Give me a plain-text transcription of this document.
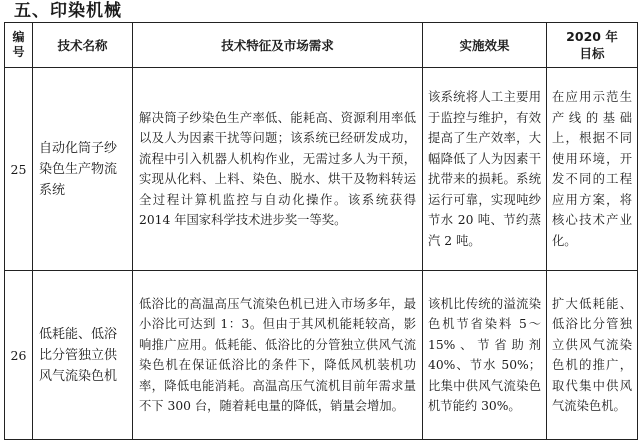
五、印染机械
编号	技术名称	技术特征及市场需求	实施效果	2020 年
目标

25	自动化筒子纱染色生产物流系统	解决筒子纱染色生产率低、能耗高、资源利用率低以及人为因素干扰等问题；该系统已经研发成功，流程中引入机器人机构作业，无需过多人为干预，实现从化料、上料、染色、脱水、烘干及物料转运全过程计算机监控与自动化操作。该系统获得 2014 年国家科学技术进步奖一等奖。	该系统将人工主要用于监控与维护，有效提高了生产效率，大幅降低了人为因素干扰带来的损耗。系统运行可靠，实现吨纱节水 20 吨、节约蒸汽 2 吨。	在应用示范生产线的基础上，根据不同使用环境，开发不同的工程应用方案，将核心技术产业化。
26	低耗能、低浴比分管独立供风气流染色机	低浴比的高温高压气流染色机已进入市场多年，最小浴比可达到 1：3。但由于其风机能耗较高，影响推广应用。低耗能、低浴比的分管独立供风气流染色机在保证低浴比的条件下，降低风机装机功率，降低电能消耗。高温高压气流机目前年需求量不下 300 台，随着耗电量的降低，销量会增加。	该机比传统的溢流染色机节省染料 5～15%、节省助剂 40%、节水 50%；比集中供风气流染色机节能约 30%。	扩大低耗能、低浴比分管独立供风气流染色机的推广，取代集中供风气流染色机。
